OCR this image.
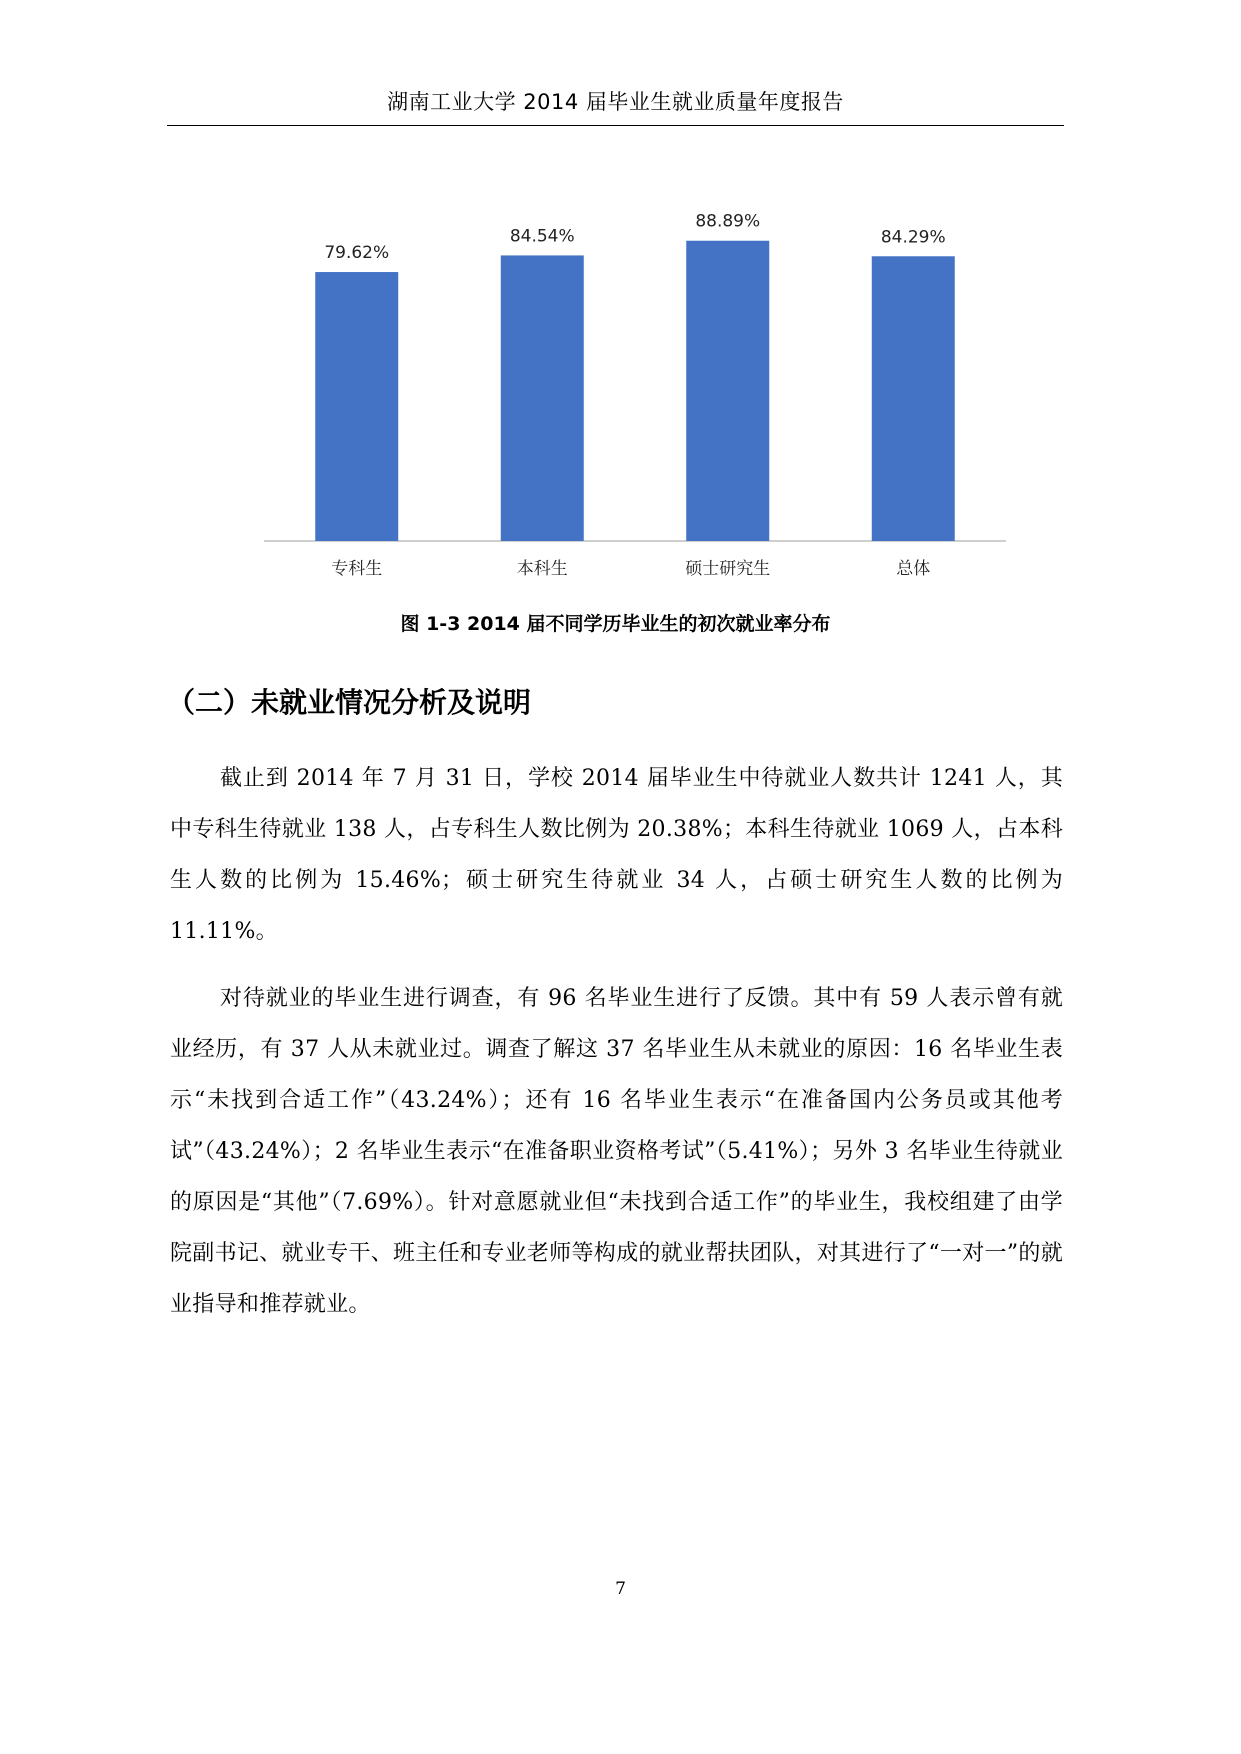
湖南工业大学 2014 届毕业生就业质量年度报告
79.62%
专科生
84.54%
本科生
88.89%
硕士研究生
84.29%
总体
图 1-3 2014 届不同学历毕业生的初次就业率分布
（二）未就业情况分析及说明

截止到 2014 年 7 月 31 日，学校 2014 届毕业生中待就业人数共计 1241 人，其中专科生待就业 138 人，占专科生人数比例为 20.38%；本科生待就业 1069 人，占本科生人数的比例为 15.46%；硕士研究生待就业 34 人，占硕士研究生人数的比例为 11.11%。

对待就业的毕业生进行调查，有 96 名毕业生进行了反馈。其中有 59 人表示曾有就业经历，有 37 人从未就业过。调查了解这 37 名毕业生从未就业的原因：16 名毕业生表示“未找到合适工作”（43.24%）；还有 16 名毕业生表示“在准备国内公务员或其他考试”（43.24%）；2 名毕业生表示“在准备职业资格考试”（5.41%）；另外 3 名毕业生待就业的原因是“其他”（7.69%）。针对意愿就业但“未找到合适工作”的毕业生，我校组建了由学院副书记、就业专干、班主任和专业老师等构成的就业帮扶团队，对其进行了“一对一”的就业指导和推荐就业。

7
